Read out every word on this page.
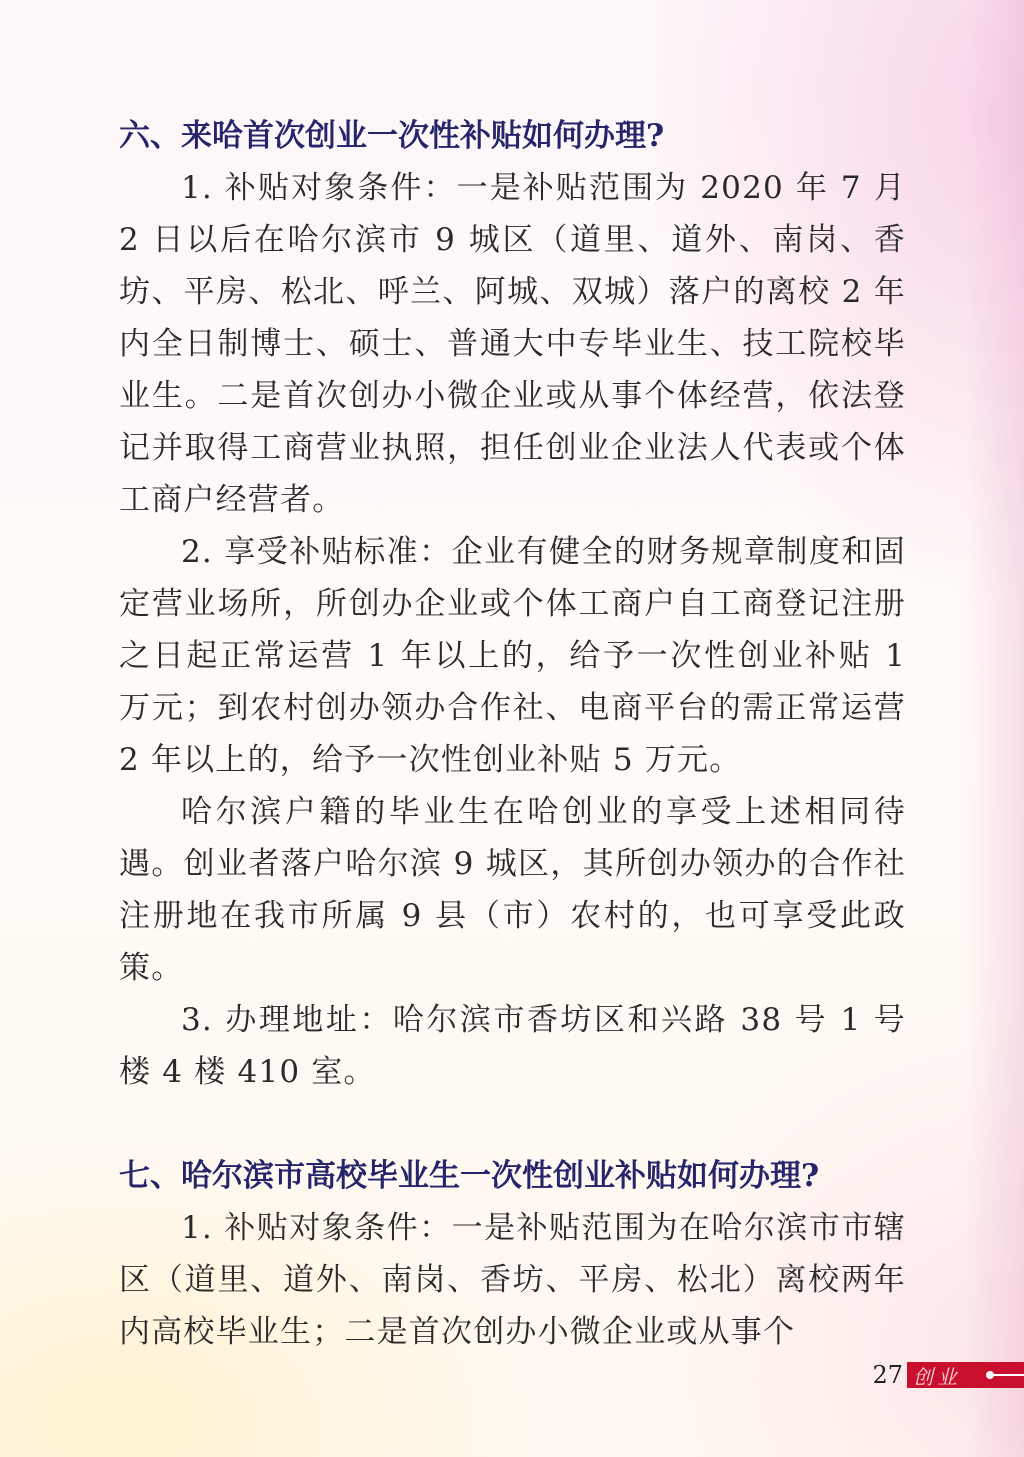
六、来哈首次创业一次性补贴如何办理?

1. 补贴对象条件：一是补贴范围为 2020 年 7 月 2 日以后在哈尔滨市 9 城区（道里、道外、南岗、香坊、平房、松北、呼兰、阿城、双城）落户的离校 2 年内全日制博士、硕士、普通大中专毕业生、技工院校毕业生。二是首次创办小微企业或从事个体经营，依法登记并取得工商营业执照，担任创业企业法人代表或个体工商户经营者。

2. 享受补贴标准：企业有健全的财务规章制度和固定营业场所，所创办企业或个体工商户自工商登记注册之日起正常运营 1 年以上的，给予一次性创业补贴 1 万元；到农村创办领办合作社、电商平台的需正常运营 2 年以上的，给予一次性创业补贴 5 万元。

哈尔滨户籍的毕业生在哈创业的享受上述相同待遇。创业者落户哈尔滨 9 城区，其所创办领办的合作社注册地在我市所属 9 县（市）农村的，也可享受此政策。

3. 办理地址：哈尔滨市香坊区和兴路 38 号 1 号楼 4 楼 410 室。

七、哈尔滨市高校毕业生一次性创业补贴如何办理?

1. 补贴对象条件：一是补贴范围为在哈尔滨市市辖区（道里、道外、南岗、香坊、平房、松北）离校两年内高校毕业生；二是首次创办小微企业或从事个

27 创业
